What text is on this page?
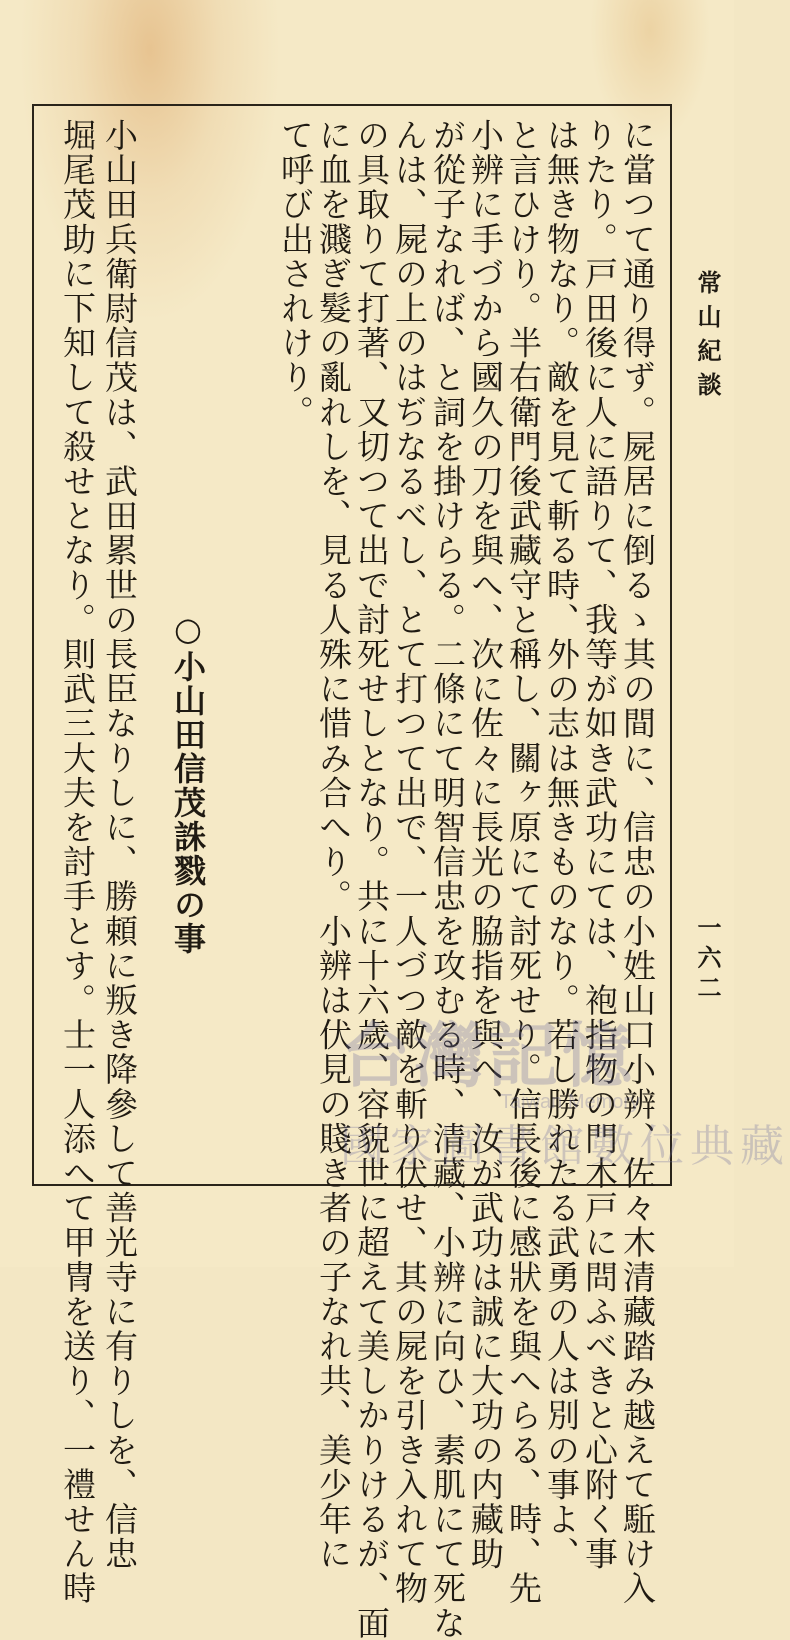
常山紀談
一六二
に當つて通り得ず。屍居に倒るゝ其の間に、信忠の小姓山口小辨、佐々木清藏踏み越えて駈け入
りたり。戸田後に人に語りて、我等が如き武功にては、袍指物の門木戸に問ふべきと心附く事
は無き物なり。敵を見て斬る時、外の志は無きものなり。若し勝れたる武勇の人は別の事よ、
と言ひけり。半右衛門後武藏守と稱し、關ヶ原にて討死せり。信長後に感狀を與へらる、時、先
小辨に手づから國久の刀を與へ、次に佐々に長光の脇指を與へ、汝が武功は誠に大功の内藏助
が從子なれば、と詞を掛けらる。二條にて明智信忠を攻むる時、清藏、小辨に向ひ、素肌にて死な
んは、屍の上のはぢなるべし、とて打つて出で、一人づつ敵を斬り伏せ、其の屍を引き入れて物
の具取りて打著、又切つて出で討死せしとなり。共に十六歲、容貌世に超えて美しかりけるが、面
に血を濺ぎ髮の亂れしを、見る人殊に惜み合へり。小辨は伏見の賤き者の子なれ共、美少年に
て呼び出されけり。
○小山田信茂誅戮の事
小山田兵衛尉信茂は、武田累世の長臣なりしに、勝頼に叛き降參して善光寺に有りしを、信忠
堀尾茂助に下知して殺せとなり。則武三大夫を討手とす。士一人添へて甲冑を送り、一禮せん時	台灣記憶
Taiwan Memory
國家圖書館數位典藏
